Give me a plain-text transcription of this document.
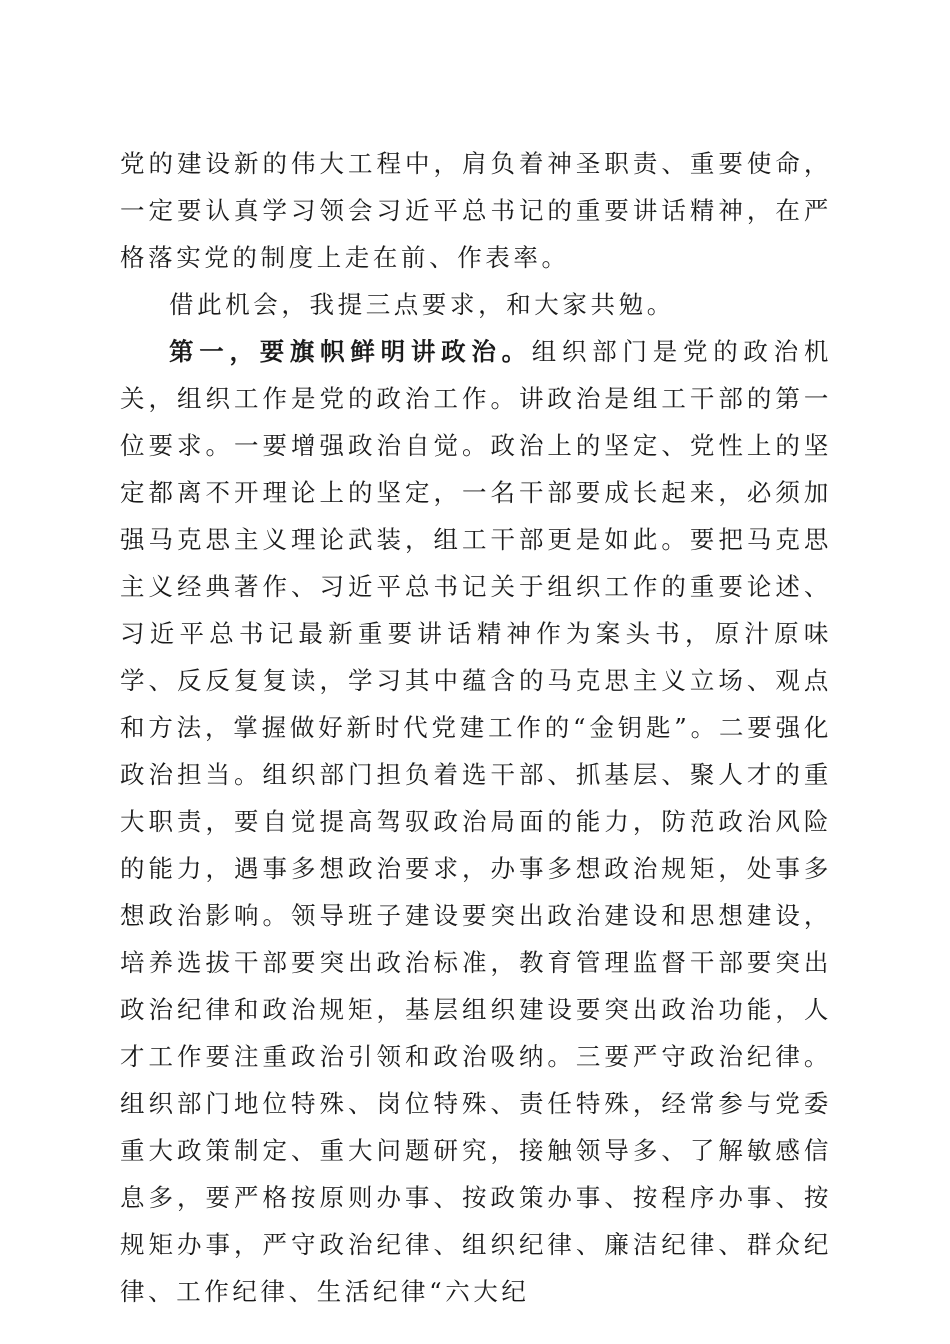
党的建设新的伟大工程中，肩负着神圣职责、重要使命，一定要认真学习领会习近平总书记的重要讲话精神，在严格落实党的制度上走在前、作表率。

借此机会，我提三点要求，和大家共勉。

第一，要旗帜鲜明讲政治。组织部门是党的政治机关，组织工作是党的政治工作。讲政治是组工干部的第一位要求。一要增强政治自觉。政治上的坚定、党性上的坚定都离不开理论上的坚定，一名干部要成长起来，必须加强马克思主义理论武装，组工干部更是如此。要把马克思主义经典著作、习近平总书记关于组织工作的重要论述、习近平总书记最新重要讲话精神作为案头书，原汁原味学、反反复复读，学习其中蕴含的马克思主义立场、观点和方法，掌握做好新时代党建工作的“金钥匙”。二要强化政治担当。组织部门担负着选干部、抓基层、聚人才的重大职责，要自觉提高驾驭政治局面的能力，防范政治风险的能力，遇事多想政治要求，办事多想政治规矩，处事多想政治影响。领导班子建设要突出政治建设和思想建设，培养选拔干部要突出政治标准，教育管理监督干部要突出政治纪律和政治规矩，基层组织建设要突出政治功能，人才工作要注重政治引领和政治吸纳。三要严守政治纪律。组织部门地位特殊、岗位特殊、责任特殊，经常参与党委重大政策制定、重大问题研究，接触领导多、了解敏感信息多，要严格按原则办事、按政策办事、按程序办事、按规矩办事，严守政治纪律、组织纪律、廉洁纪律、群众纪律、工作纪律、生活纪律“六大纪
